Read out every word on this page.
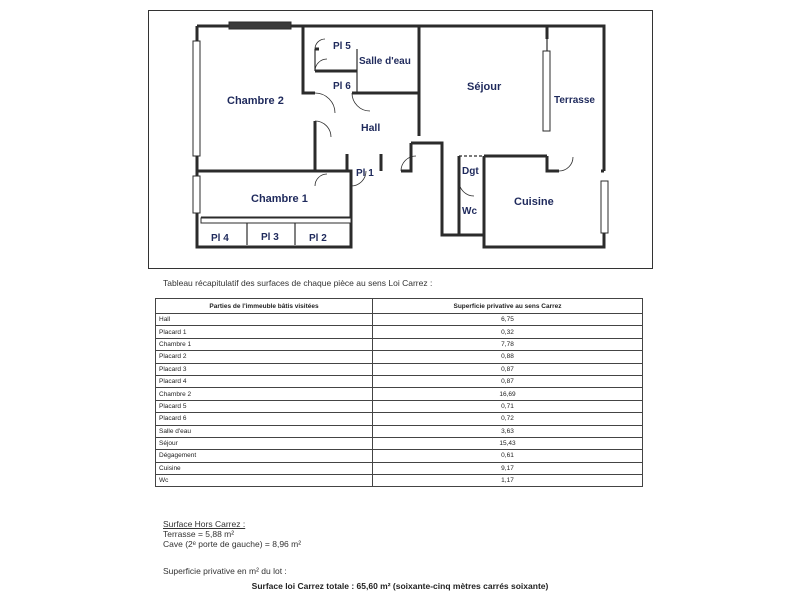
Pl 5
Salle d'eau
Pl 6
Chambre 2
Séjour
Terrasse
Hall
Pl 1	Dgt
Chambre 1	Cuisine
Wc
Pl 4	Pl 3	Pl 2
Tableau récapitulatif des surfaces de chaque pièce au sens Loi Carrez :
Parties de l'immeuble bâtis visitées	Superficie privative au sens Carrez
Hall	6,75
Placard 1	0,32
Chambre 1	7,78
Placard 2	0,88
Placard 3	0,87
Placard 4	0,87
Chambre 2	16,69
Placard 5	0,71
Placard 6	0,72
Salle d'eau	3,63
Séjour	15,43
Dégagement	0,61
Cuisine	9,17
Wc	1,17
Surface Hors Carrez :
Terrasse = 5,88 m²
Cave (2ᵉ porte de gauche) = 8,96 m²
Superficie privative en m² du lot :
Surface loi Carrez totale : 65,60 m² (soixante-cinq mètres carrés soixante)
